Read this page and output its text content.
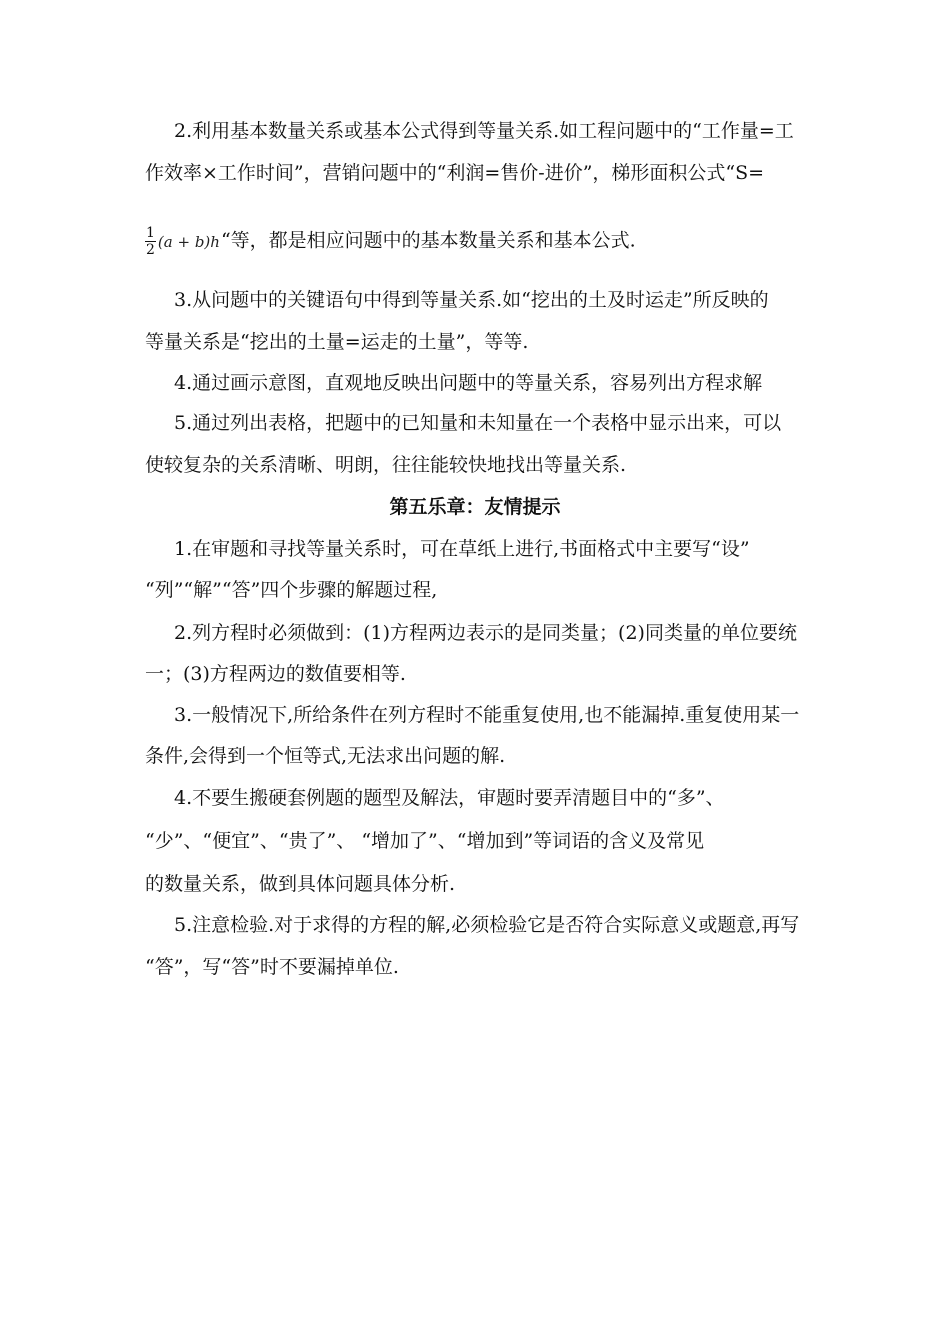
2.利用基本数量关系或基本公式得到等量关系.如工程问题中的“工作量=工
作效率×工作时间”，营销问题中的“利润=售价-进价”，梯形面积公式“S=
$\frac{1}{2} (a$ + b)h“等，都是相应问题中的基本数量关系和基本公式.
3.从问题中的关键语句中得到等量关系.如“挖出的土及时运走”所反映的
等量关系是“挖出的土量=运走的土量”，等等.
4.通过画示意图，直观地反映出问题中的等量关系，容易列出方程求解
5.通过列出表格，把题中的已知量和未知量在一个表格中显示出来，可以
使较复杂的关系清晰、明朗，往往能较快地找出等量关系.
第五乐章：友情提示
1.在审题和寻找等量关系时，可在草纸上进行,书面格式中主要写“设”
“列”“解”“答”四个步骤的解题过程,
2.列方程时必须做到：(1)方程两边表示的是同类量；(2)同类量的单位要统
一；(3)方程两边的数值要相等.
3.一般情况下,所给条件在列方程时不能重复使用,也不能漏掉.重复使用某一
条件,会得到一个恒等式,无法求出问题的解.
4.不要生搬硬套例题的题型及解法，审题时要弄清题目中的“多”、
“少”、“便宜”、“贵了”、 “增加了”、“增加到”等词语的含义及常见
的数量关系，做到具体问题具体分析.
5.注意检验.对于求得的方程的解,必须检验它是否符合实际意义或题意,再写
“答”，写“答”时不要漏掉单位.
